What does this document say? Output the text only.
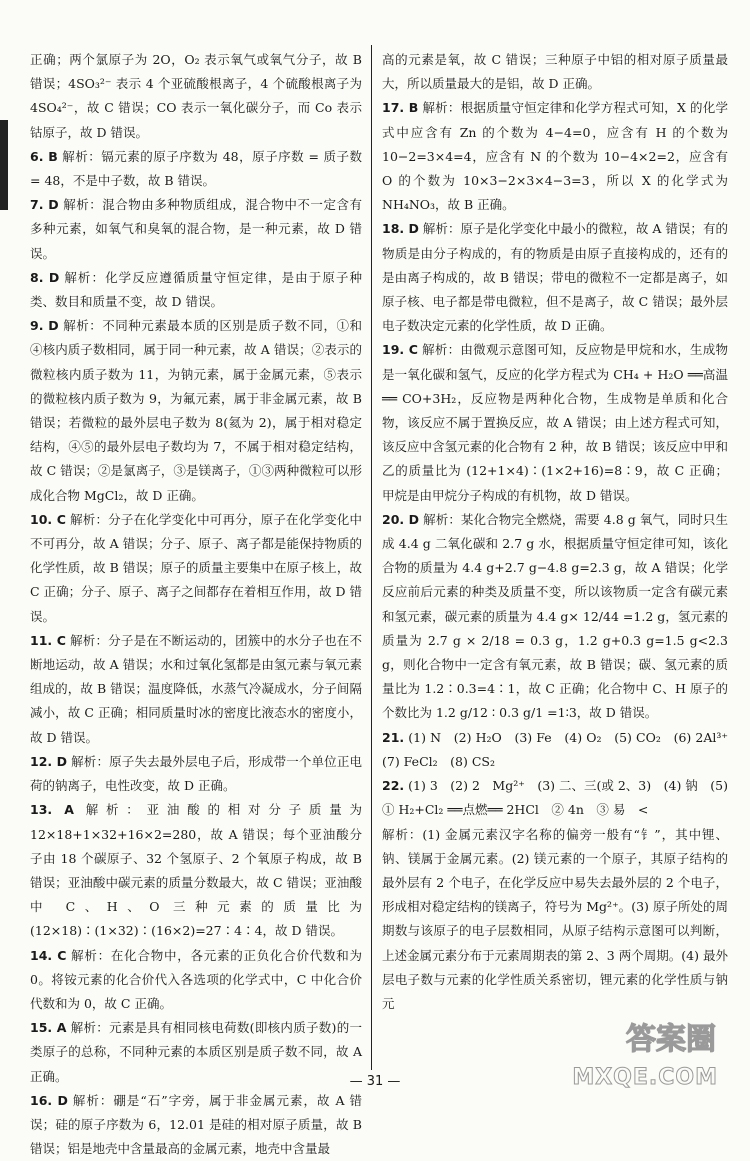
正确；两个氯原子为 2O，O₂ 表示氧气或氧气分子，故 B 错误；4SO₃²⁻ 表示 4 个亚硫酸根离子，4 个硫酸根离子为 4SO₄²⁻，故 C 错误；CO 表示一氧化碳分子，而 Co 表示钴原子，故 D 错误。

6. B 解析：镉元素的原子序数为 48，原子序数 = 质子数 = 48，不是中子数，故 B 错误。

7. D 解析：混合物由多种物质组成，混合物中不一定含有多种元素，如氧气和臭氧的混合物，是一种元素，故 D 错误。

8. D 解析：化学反应遵循质量守恒定律，是由于原子种类、数目和质量不变，故 D 错误。

9. D 解析：不同种元素最本质的区别是质子数不同，①和④核内质子数相同，属于同一种元素，故 A 错误；②表示的微粒核内质子数为 11，为钠元素，属于金属元素，⑤表示的微粒核内质子数为 9，为氟元素，属于非金属元素，故 B 错误；若微粒的最外层电子数为 8(氦为 2)，属于相对稳定结构，④⑤的最外层电子数均为 7，不属于相对稳定结构，故 C 错误；②是氯离子，③是镁离子，①③两种微粒可以形成化合物 MgCl₂，故 D 正确。

10. C 解析：分子在化学变化中可再分，原子在化学变化中不可再分，故 A 错误；分子、原子、离子都是能保持物质的化学性质，故 B 错误；原子的质量主要集中在原子核上，故 C 正确；分子、原子、离子之间都存在着相互作用，故 D 错误。

11. C 解析：分子是在不断运动的，团簇中的水分子也在不断地运动，故 A 错误；水和过氧化氢都是由氢元素与氧元素组成的，故 B 错误；温度降低，水蒸气冷凝成水，分子间隔减小，故 C 正确；相同质量时冰的密度比液态水的密度小，故 D 错误。

12. D 解析：原子失去最外层电子后，形成带一个单位正电荷的钠离子，电性改变，故 D 正确。

13. A 解析：亚油酸的相对分子质量为 12×18+1×32+16×2=280，故 A 错误；每个亚油酸分子由 18 个碳原子、32 个氢原子、2 个氧原子构成，故 B 错误；亚油酸中碳元素的质量分数最大，故 C 错误；亚油酸中 C、H、O 三种元素的质量比为 (12×18)∶(1×32)∶(16×2)=27∶4∶4，故 D 错误。

14. C 解析：在化合物中，各元素的正负化合价代数和为 0。将铵元素的化合价代入各选项的化学式中，C 中化合价代数和为 0，故 C 正确。

15. A 解析：元素是具有相同核电荷数(即核内质子数)的一类原子的总称，不同种元素的本质区别是质子数不同，故 A 正确。

16. D 解析：硼是“石”字旁，属于非金属元素，故 A 错误；硅的原子序数为 6，12.01 是硅的相对原子质量，故 B 错误；铝是地壳中含量最高的金属元素，地壳中含量最

高的元素是氧，故 C 错误；三种原子中铝的相对原子质量最大，所以质量最大的是铝，故 D 正确。

17. B 解析：根据质量守恒定律和化学方程式可知，X 的化学式中应含有 Zn 的个数为 4−4=0，应含有 H 的个数为 10−2=3×4=4，应含有 N 的个数为 10−4×2=2，应含有 O 的个数为 10×3−2×3×4−3=3，所以 X 的化学式为 NH₄NO₃，故 B 正确。

18. D 解析：原子是化学变化中最小的微粒，故 A 错误；有的物质是由分子构成的，有的物质是由原子直接构成的，还有的是由离子构成的，故 B 错误；带电的微粒不一定都是离子，如原子核、电子都是带电微粒，但不是离子，故 C 错误；最外层电子数决定元素的化学性质，故 D 正确。

19. C 解析：由微观示意图可知，反应物是甲烷和水，生成物是一氧化碳和氢气，反应的化学方程式为 CH₄ + H₂O ══高温══ CO+3H₂，反应物是两种化合物，生成物是单质和化合物，该反应不属于置换反应，故 A 错误；由上述方程式可知，该反应中含氢元素的化合物有 2 种，故 B 错误；该反应中甲和乙的质量比为 (12+1×4)∶(1×2+16)=8∶9，故 C 正确；甲烷是由甲烷分子构成的有机物，故 D 错误。

20. D 解析：某化合物完全燃烧，需要 4.8 g 氧气，同时只生成 4.4 g 二氧化碳和 2.7 g 水，根据质量守恒定律可知，该化合物的质量为 4.4 g+2.7 g−4.8 g=2.3 g，故 A 错误；化学反应前后元素的种类及质量不变，所以该物质一定含有碳元素和氢元素，碳元素的质量为 4.4 g× 12/44 =1.2 g，氢元素的质量为 2.7 g × 2/18 = 0.3 g，1.2 g+0.3 g=1.5 g<2.3 g，则化合物中一定含有氧元素，故 B 错误；碳、氢元素的质量比为 1.2∶0.3=4∶1，故 C 正确；化合物中 C、H 原子的个数比为 1.2 g/12 ∶ 0.3 g/1 =1∶3，故 D 错误。

21. (1) N　(2) H₂O　(3) Fe　(4) O₂　(5) CO₂　(6) 2Al³⁺　(7) FeCl₂　(8) CS₂

22. (1) 3　(2) 2　Mg²⁺　(3) 二、三(或 2、3)　(4) 钠　(5) ① H₂+Cl₂ ══点燃══ 2HCl　② 4n　③ 易　<

解析：(1) 金属元素汉字名称的偏旁一般有“钅”，其中锂、钠、镁属于金属元素。(2) 镁元素的一个原子，其原子结构的最外层有 2 个电子，在化学反应中易失去最外层的 2 个电子，形成相对稳定结构的镁离子，符号为 Mg²⁺。(3) 原子所处的周期数与该原子的电子层数相同，从原子结构示意图可以判断，上述金属元素分布于元素周期表的第 2、3 两个周期。(4) 最外层电子数与元素的化学性质关系密切，锂元素的化学性质与钠元

— 31 —
答案圈
MXQE.COM
